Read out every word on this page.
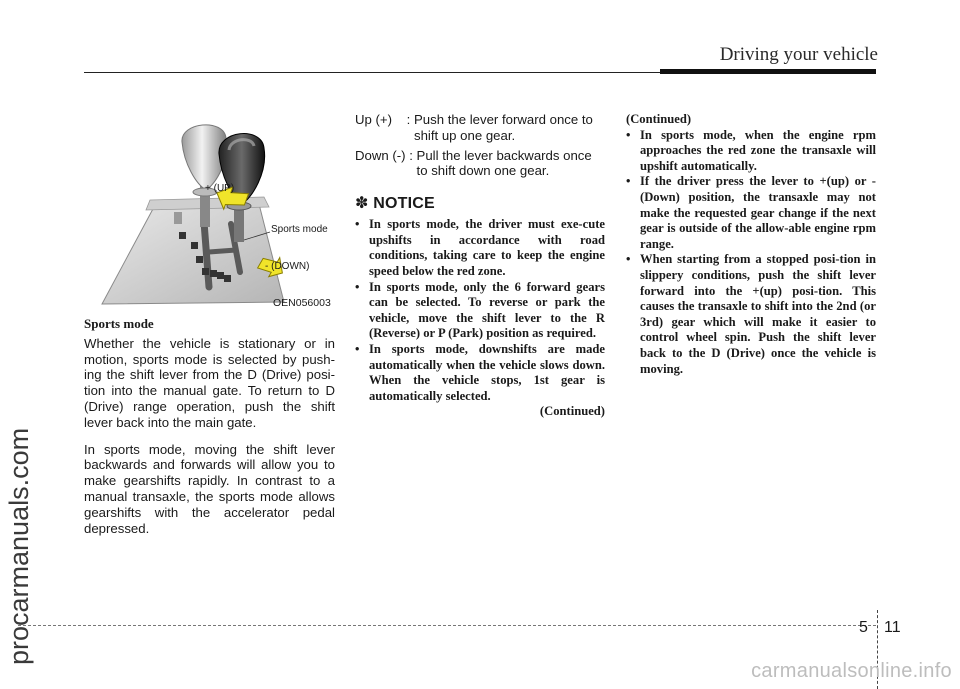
Driving your vehicle
procarmanuals.com
+ (UP)
Sports mode
- (DOWN)
OEN056003
Sports mode

Whether the vehicle is stationary or in motion, sports mode is selected by push-ing the shift lever from the D (Drive) posi-tion into the manual gate. To return to D (Drive) range operation, push the shift lever back into the main gate.

In sports mode, moving the shift lever backwards and forwards will allow you to make gearshifts rapidly. In contrast to a manual transaxle, the sports mode allows gearshifts with the accelerator pedal depressed.

Up (+)    : Push the lever forward once to shift up one gear.
Down (-) : Pull the lever backwards once to shift down one gear.
✽ NOTICE
• In sports mode, the driver must exe-cute upshifts in accordance with road conditions, taking care to keep the engine speed below the red zone.
• In sports mode, only the 6 forward gears can be selected. To reverse or park the vehicle, move the shift lever to the R (Reverse) or P (Park) position as required.
• In sports mode, downshifts are made automatically when the vehicle slows down. When the vehicle stops, 1st gear is automatically selected.
(Continued)
(Continued)
• In sports mode, when the engine rpm approaches the red zone the transaxle will upshift automatically.
• If the driver press the lever to +(up) or -(Down) position, the transaxle may not make the requested gear change if the next gear is outside of the allow-able engine rpm range.
• When starting from a stopped posi-tion in slippery conditions, push the shift lever forward into the +(up) posi-tion. This causes the transaxle to shift into the 2nd (or 3rd) gear which will make it easier to control wheel spin. Push the shift lever back to the D (Drive) once the vehicle is moving.
5 11
carmanualsonline.info
